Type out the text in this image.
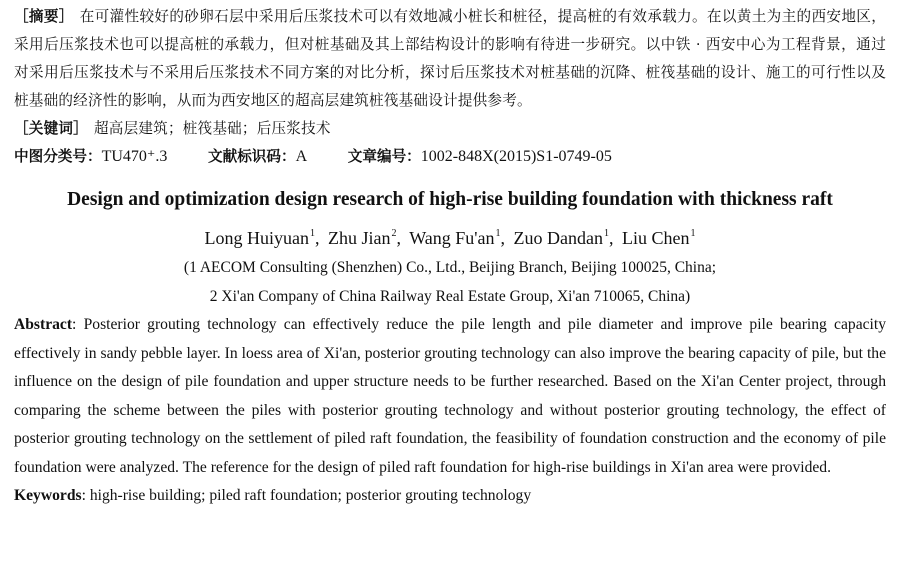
［摘要］ 在可灌性较好的砂卵石层中采用后压浆技术可以有效地减小桩长和桩径，提高桩的有效承载力。在以黄土为主的西安地区，采用后压浆技术也可以提高桩的承载力，但对桩基础及其上部结构设计的影响有待进一步研究。以中铁 · 西安中心为工程背景，通过对采用后压浆技术与不采用后压浆技术不同方案的对比分析，探讨后压浆技术对桩基础的沉降、桩筏基础的设计、施工的可行性以及桩基础的经济性的影响，从而为西安地区的超高层建筑桩筏基础设计提供参考。

［关键词］ 超高层建筑；桩筏基础；后压浆技术

中图分类号：TU470⁺.3	文献标识码：A	文章编号：1002-848X(2015)S1-0749-05

Design and optimization design research of high-rise building foundation with thickness raft

Long Huiyuan$^1$, Zhu Jian$^2$, Wang $Fu'an^1$, Zuo Dandan$^1$, Liu Chen$^1$

(1 AECOM Consulting (Shenzhen) Co., Ltd., Beijing Branch, Beijing 100025, China;

2 Xi'an Company of China Railway Real Estate Group, Xi'an 710065, China)

Abstract: Posterior grouting technology can effectively reduce the pile length and pile diameter and improve pile bearing capacity effectively in sandy pebble layer. In loess area of Xi'an, posterior grouting technology can also improve the bearing capacity of pile, but the influence on the design of pile foundation and upper structure needs to be further researched. Based on the Xi'an Center project, through comparing the scheme between the piles with posterior grouting technology and without posterior grouting technology, the effect of posterior grouting technology on the settlement of piled raft foundation, the feasibility of foundation construction and the economy of pile foundation were analyzed. The reference for the design of piled raft foundation for high-rise buildings in Xi'an area were provided.

Keywords: high-rise building; piled raft foundation; posterior grouting technology
